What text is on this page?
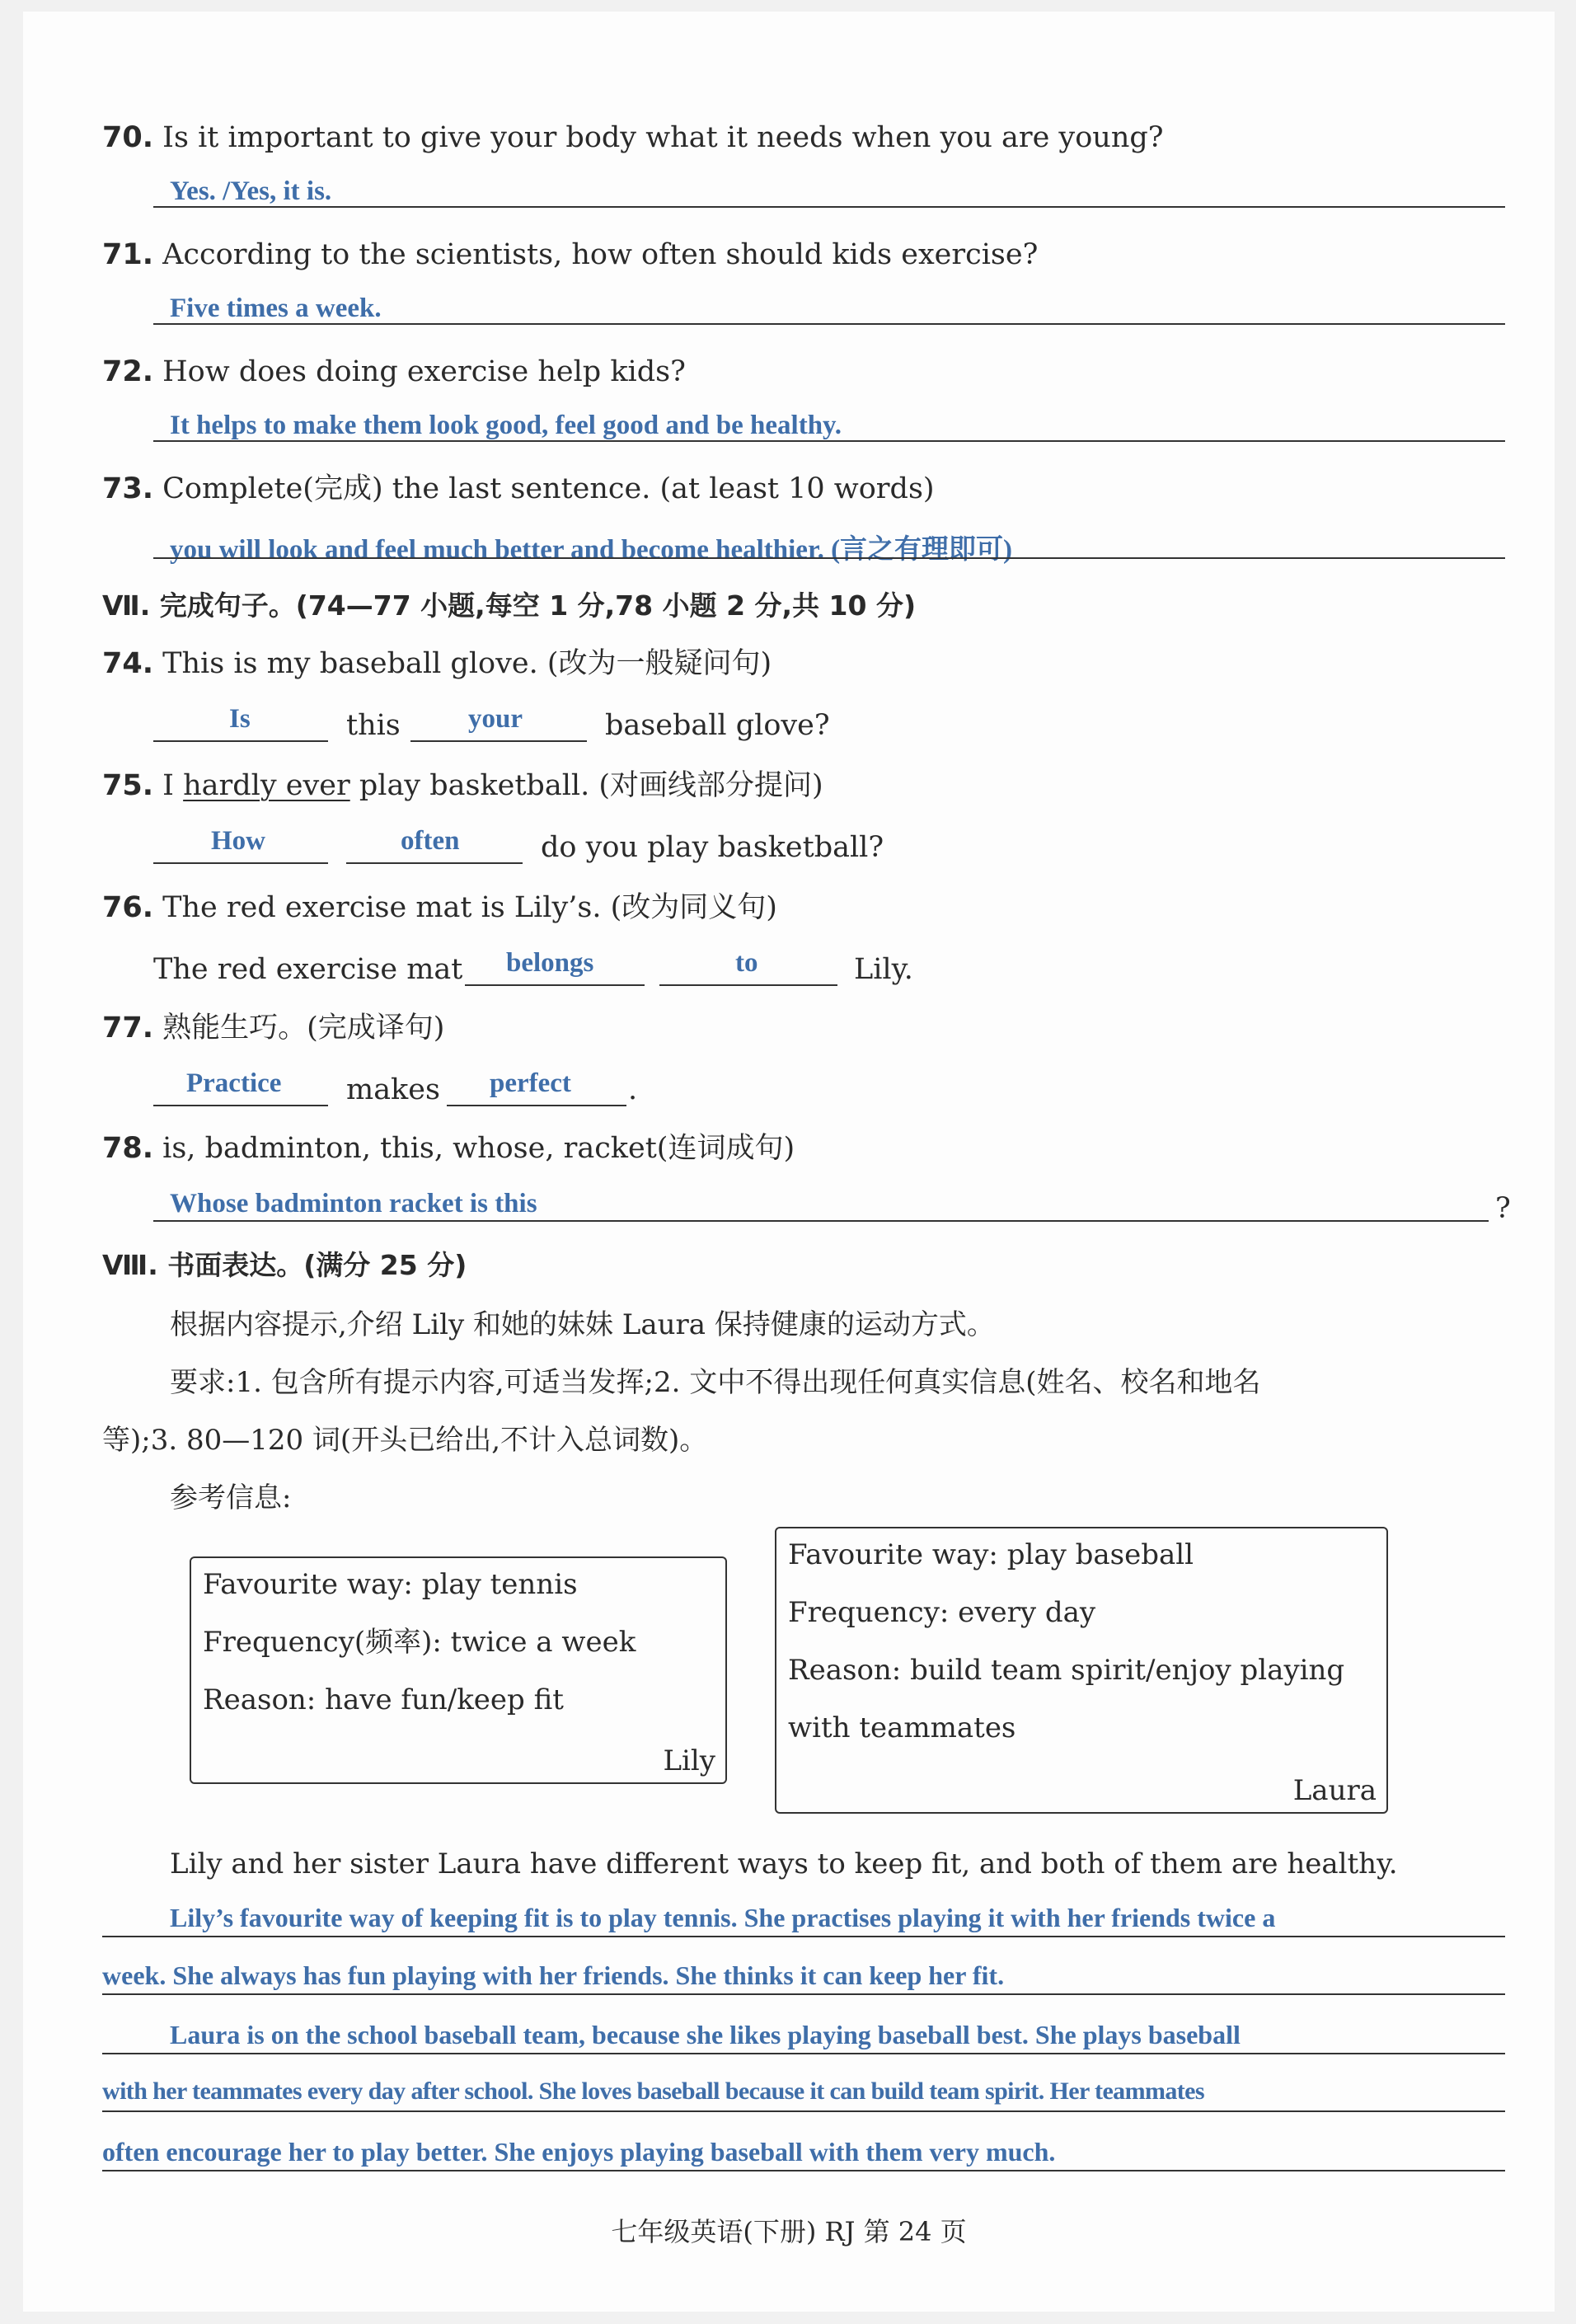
70. Is it important to give your body what it needs when you are young?
Yes. /Yes, it is.
71. According to the scientists, how often should kids exercise?
Five times a week.
72. How does doing exercise help kids?
It helps to make them look good, feel good and be healthy.
73. Complete(完成) the last sentence. (at least 10 words)
you will look and feel much better and become healthier. (言之有理即可)
Ⅶ. 完成句子。(74—77 小题,每空 1 分,78 小题 2 分,共 10 分)
74. This is my baseball glove. (改为一般疑问句)
Is	this your	baseball glove?
75. I hardly ever play basketball. (对画线部分提问)
How	often	do you play basketball?
76. The red exercise mat is Lily’s. (改为同义句)
The red exercise mat belongs	to	Lily.
77. 熟能生巧。(完成译句)
Practice makes perfect .
78. is, badminton, this, whose, racket(连词成句)
Whose badminton racket is this	?
Ⅷ. 书面表达。(满分 25 分)
根据内容提示,介绍 Lily 和她的妹妹 Laura 保持健康的运动方式。
要求:1. 包含所有提示内容,可适当发挥;2. 文中不得出现任何真实信息(姓名、校名和地名
等);3. 80—120 词(开头已给出,不计入总词数)。
参考信息:
Favourite way: play tennis
Frequency(频率): twice a week
Reason: have fun/keep fit
Lily
Favourite way: play baseball
Frequency: every day
Reason: build team spirit/enjoy playing
with teammates
Laura
Lily and her sister Laura have different ways to keep fit, and both of them are healthy.
Lily’s favourite way of keeping fit is to play tennis. She practises playing it with her friends twice a
week. She always has fun playing with her friends. She thinks it can keep her fit.
Laura is on the school baseball team, because she likes playing baseball best. She plays baseball
with her teammates every day after school. She loves baseball because it can build team spirit. Her teammates
often encourage her to play better. She enjoys playing baseball with them very much.
七年级英语(下册) RJ 第 24 页
